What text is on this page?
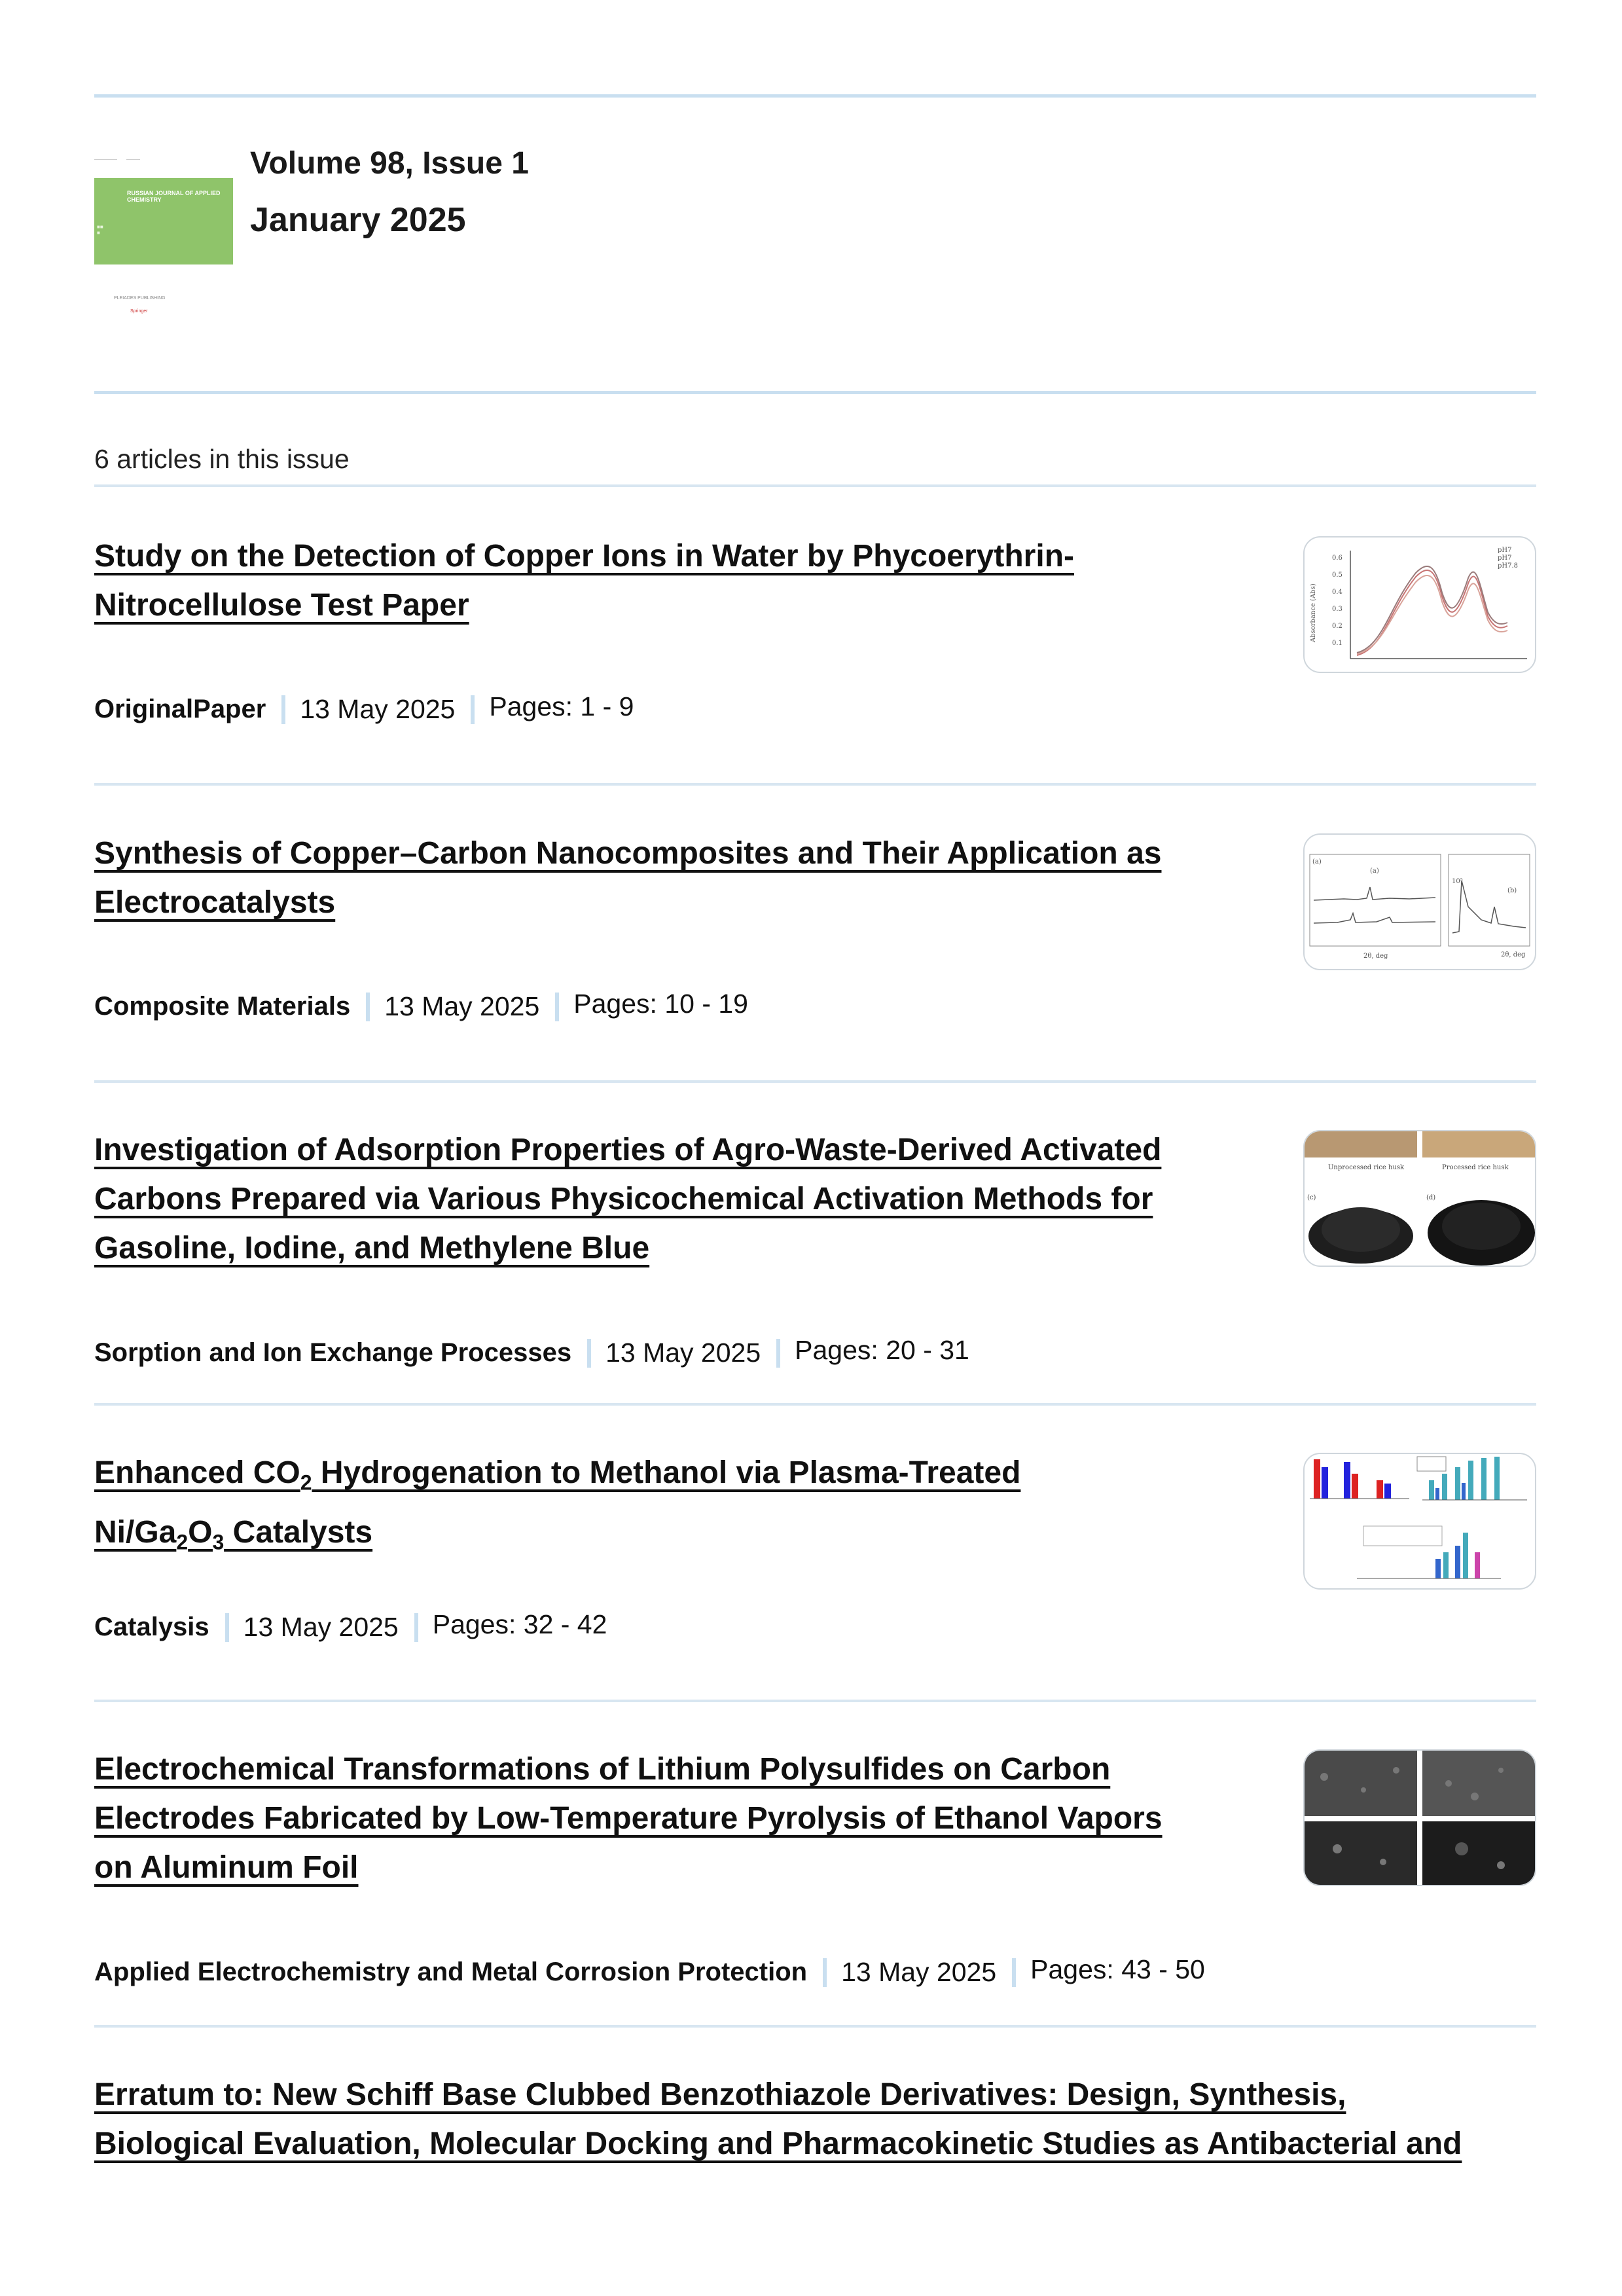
—————  ———
RUSSIAN JOURNAL OF APPLIED CHEMISTRY
■■
■
PLEIADES PUBLISHING
Springer
Volume 98, Issue 1
January 2025
6 articles in this issue
Study on the Detection of Copper Ions in Water by Phycoerythrin-
Nitrocellulose Test Paper
OriginalPaper 13 May 2025 Pages: 1 - 9
0.6
0.5
0.4
0.3
0.2
0.1
Absorbance (Abs)
pH7
pH7
pH7.8
Synthesis of Copper–Carbon Nanocomposites and Their Application as
Electrocatalysts
Composite Materials 13 May 2025 Pages: 10 - 19
(a)
(a)
(b)
10⁵
2θ, deg	2θ, deg
Investigation of Adsorption Properties of Agro-Waste-Derived Activated
Carbons Prepared via Various Physicochemical Activation Methods for
Gasoline, Iodine, and Methylene Blue
Sorption and Ion Exchange Processes 13 May 2025 Pages: 20 - 31
Unprocessed rice husk	Processed rice husk
(c)	(d)
Enhanced $CO_2$ Hydrogenation to Methanol via Plasma-Treated
$Ni/Ga_2O_3$ Catalysts
Catalysis 13 May 2025 Pages: 32 - 42
Electrochemical Transformations of Lithium Polysulfides on Carbon
Electrodes Fabricated by Low-Temperature Pyrolysis of Ethanol Vapors
on Aluminum Foil
Applied Electrochemistry and Metal Corrosion Protection 13 May 2025 Pages: 43 - 50
Erratum to: New Schiff Base Clubbed Benzothiazole Derivatives: Design, Synthesis,
Biological Evaluation, Molecular Docking and Pharmacokinetic Studies as Antibacterial and
